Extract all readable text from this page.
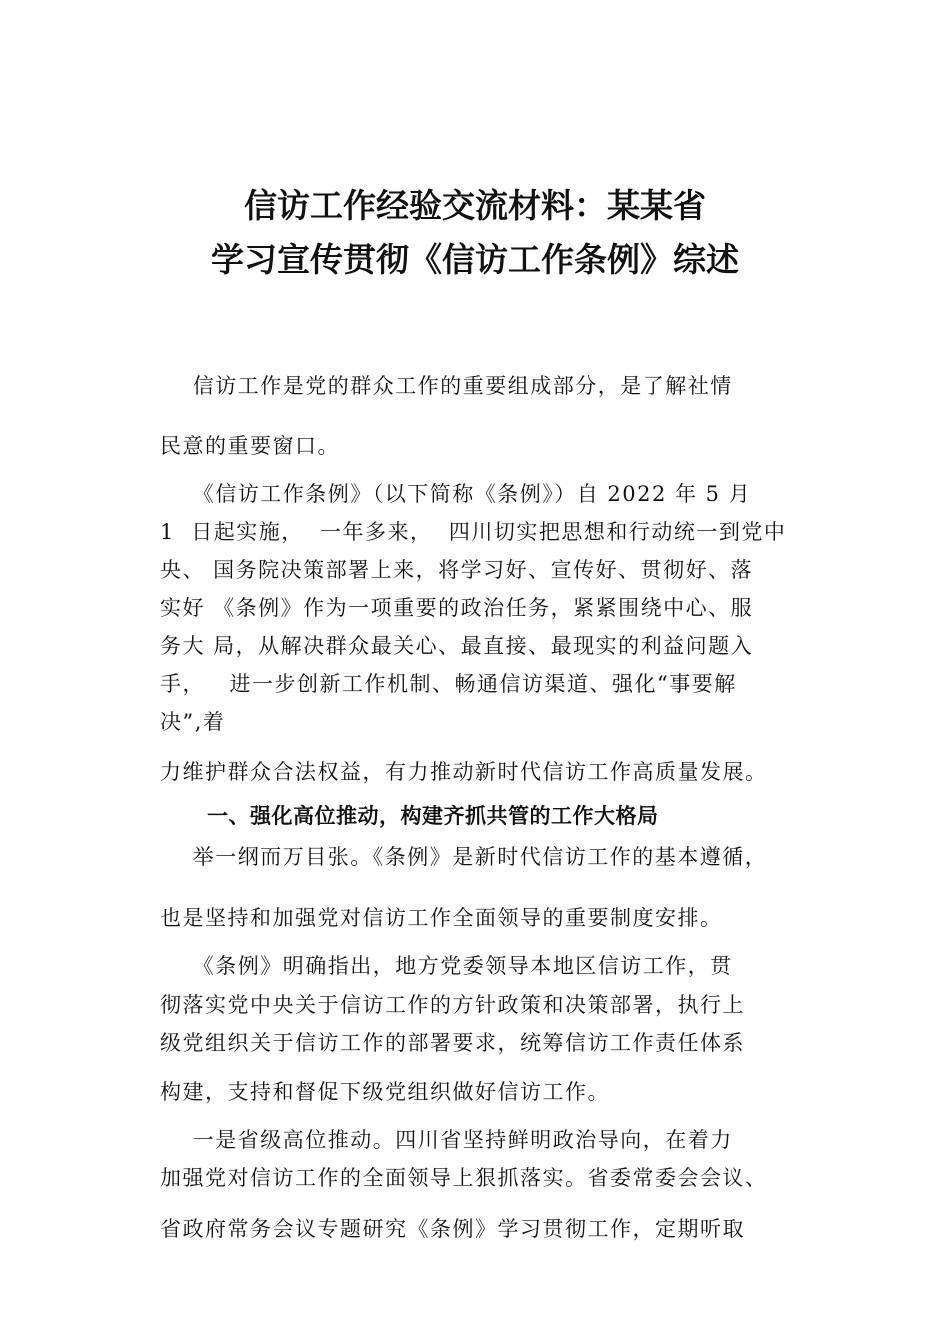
信访工作经验交流材料：某某省
学习宣传贯彻《信访工作条例》综述
信访工作是党的群众工作的重要组成部分，是了解社情
民意的重要窗口。
《信访工作条例》（以下简称《条例》）自 2022 年 5 月
1  日起实施，  一年多来，  四川切实把思想和行动统一到党中
央、 国务院决策部署上来，将学习好、宣传好、贯彻好、落
实好 《条例》作为一项重要的政治任务，紧紧围绕中心、服
务大 局，从解决群众最关心、最直接、最现实的利益问题入
手，   进一步创新工作机制、畅通信访渠道、强化“事要解
决”,着
力维护群众合法权益，有力推动新时代信访工作高质量发展。
一、强化高位推动，构建齐抓共管的工作大格局
举一纲而万目张。《条例》是新时代信访工作的基本遵循，
也是坚持和加强党对信访工作全面领导的重要制度安排。
《条例》明确指出，地方党委领导本地区信访工作，贯
彻落实党中央关于信访工作的方针政策和决策部署，执行上
级党组织关于信访工作的部署要求，统筹信访工作责任体系
构建，支持和督促下级党组织做好信访工作。
一是省级高位推动。四川省坚持鲜明政治导向，在着力
加强党对信访工作的全面领导上狠抓落实。省委常委会会议、
省政府常务会议专题研究《条例》学习贯彻工作，定期听取
